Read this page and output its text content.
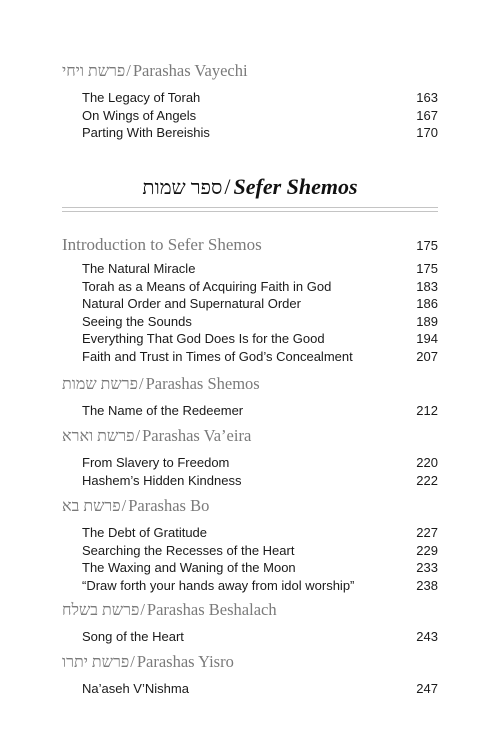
פרשת ויחי/ Parashas Vayechi
The Legacy of Torah	163
On Wings of Angels	167
Parting With Bereishis	170
ספר שמות/ Sefer Shemos
Introduction to Sefer Shemos	175
The Natural Miracle	175
Torah as a Means of Acquiring Faith in God	183
Natural Order and Supernatural Order	186
Seeing the Sounds	189
Everything That God Does Is for the Good	194
Faith and Trust in Times of God’s Concealment	207
פרשת שמות/ Parashas Shemos
The Name of the Redeemer	212
פרשת וארא/ Parashas Va’eira
From Slavery to Freedom	220
Hashem’s Hidden Kindness	222
פרשת בא/ Parashas Bo
The Debt of Gratitude	227
Searching the Recesses of the Heart	229
The Waxing and Waning of the Moon	233
“Draw forth your hands away from idol worship”	238
פרשת בשלח/ Parashas Beshalach
Song of the Heart	243
פרשת יתרו/ Parashas Yisro
Na’aseh V’Nishma	247
